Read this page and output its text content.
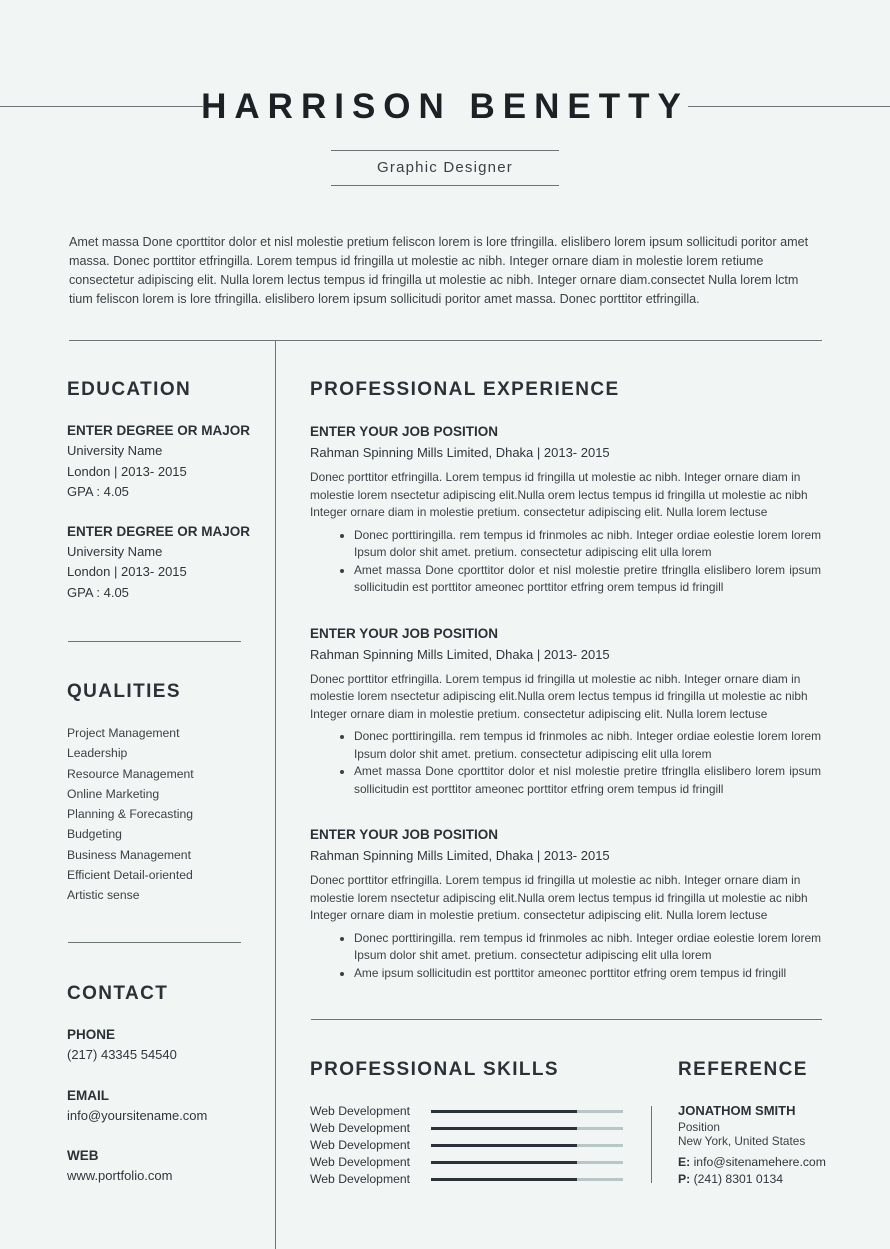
HARRISON BENETTY
Graphic Designer

Amet massa Done cporttitor dolor et nisl molestie pretium feliscon lorem is lore tfringilla. elislibero lorem ipsum sollicitudi poritor amet massa. Donec porttitor etfringilla. Lorem tempus id fringilla ut molestie ac nibh. Integer ornare diam in molestie lorem retiume consectetur adipiscing elit. Nulla lorem lectus tempus id fringilla ut molestie ac nibh. Integer ornare diam.consectet Nulla lorem lctm tium feliscon lorem is lore tfringilla. elislibero lorem ipsum sollicitudi poritor amet massa. Donec porttitor etfringilla.

EDUCATION
ENTER DEGREE OR MAJOR
University Name
London | 2013- 2015
GPA : 4.05
ENTER DEGREE OR MAJOR
University Name
London | 2013- 2015
GPA : 4.05
QUALITIES
Project Management
Leadership
Resource Management
Online Marketing
Planning & Forecasting
Budgeting
Business Management
Efficient Detail-oriented
Artistic sense
CONTACT
PHONE
(217) 43345 54540
EMAIL
info@yoursitename.com
WEB
www.portfolio.com
PROFESSIONAL EXPERIENCE
ENTER YOUR JOB POSITION
Rahman Spinning Mills Limited, Dhaka | 2013- 2015

Donec porttitor etfringilla. Lorem tempus id fringilla ut molestie ac nibh. Integer ornare diam in molestie lorem nsectetur adipiscing elit.Nulla orem lectus tempus id fringilla ut molestie ac nibh Integer ornare diam in molestie pretium. consectetur adipiscing elit. Nulla lorem lectuse

• Donec porttiringilla. rem tempus id frinmoles ac nibh. Integer ordiae eolestie lorem lorem Ipsum dolor shit amet. pretium. consectetur adipiscing elit ulla lorem
• Amet massa Done cporttitor dolor et nisl molestie pretire tfringlla elislibero lorem ipsum sollicitudin est porttitor ameonec porttitor etfring orem tempus id fringill
ENTER YOUR JOB POSITION
Rahman Spinning Mills Limited, Dhaka | 2013- 2015

Donec porttitor etfringilla. Lorem tempus id fringilla ut molestie ac nibh. Integer ornare diam in molestie lorem nsectetur adipiscing elit.Nulla orem lectus tempus id fringilla ut molestie ac nibh Integer ornare diam in molestie pretium. consectetur adipiscing elit. Nulla lorem lectuse

• Donec porttiringilla. rem tempus id frinmoles ac nibh. Integer ordiae eolestie lorem lorem Ipsum dolor shit amet. pretium. consectetur adipiscing elit ulla lorem
• Amet massa Done cporttitor dolor et nisl molestie pretire tfringlla elislibero lorem ipsum sollicitudin est porttitor ameonec porttitor etfring orem tempus id fringill
ENTER YOUR JOB POSITION
Rahman Spinning Mills Limited, Dhaka | 2013- 2015

Donec porttitor etfringilla. Lorem tempus id fringilla ut molestie ac nibh. Integer ornare diam in molestie lorem nsectetur adipiscing elit.Nulla orem lectus tempus id fringilla ut molestie ac nibh Integer ornare diam in molestie pretium. consectetur adipiscing elit. Nulla lorem lectuse

• Donec porttiringilla. rem tempus id frinmoles ac nibh. Integer ordiae eolestie lorem lorem Ipsum dolor shit amet. pretium. consectetur adipiscing elit ulla lorem
• Ame ipsum sollicitudin est porttitor ameonec porttitor etfring orem tempus id fringill
PROFESSIONAL SKILLS
Web Development
Web Development
Web Development
Web Development
Web Development
REFERENCE
JONATHOM SMITH
Position
New York, United States
E: info@sitenamehere.com
P: (241) 8301 0134
